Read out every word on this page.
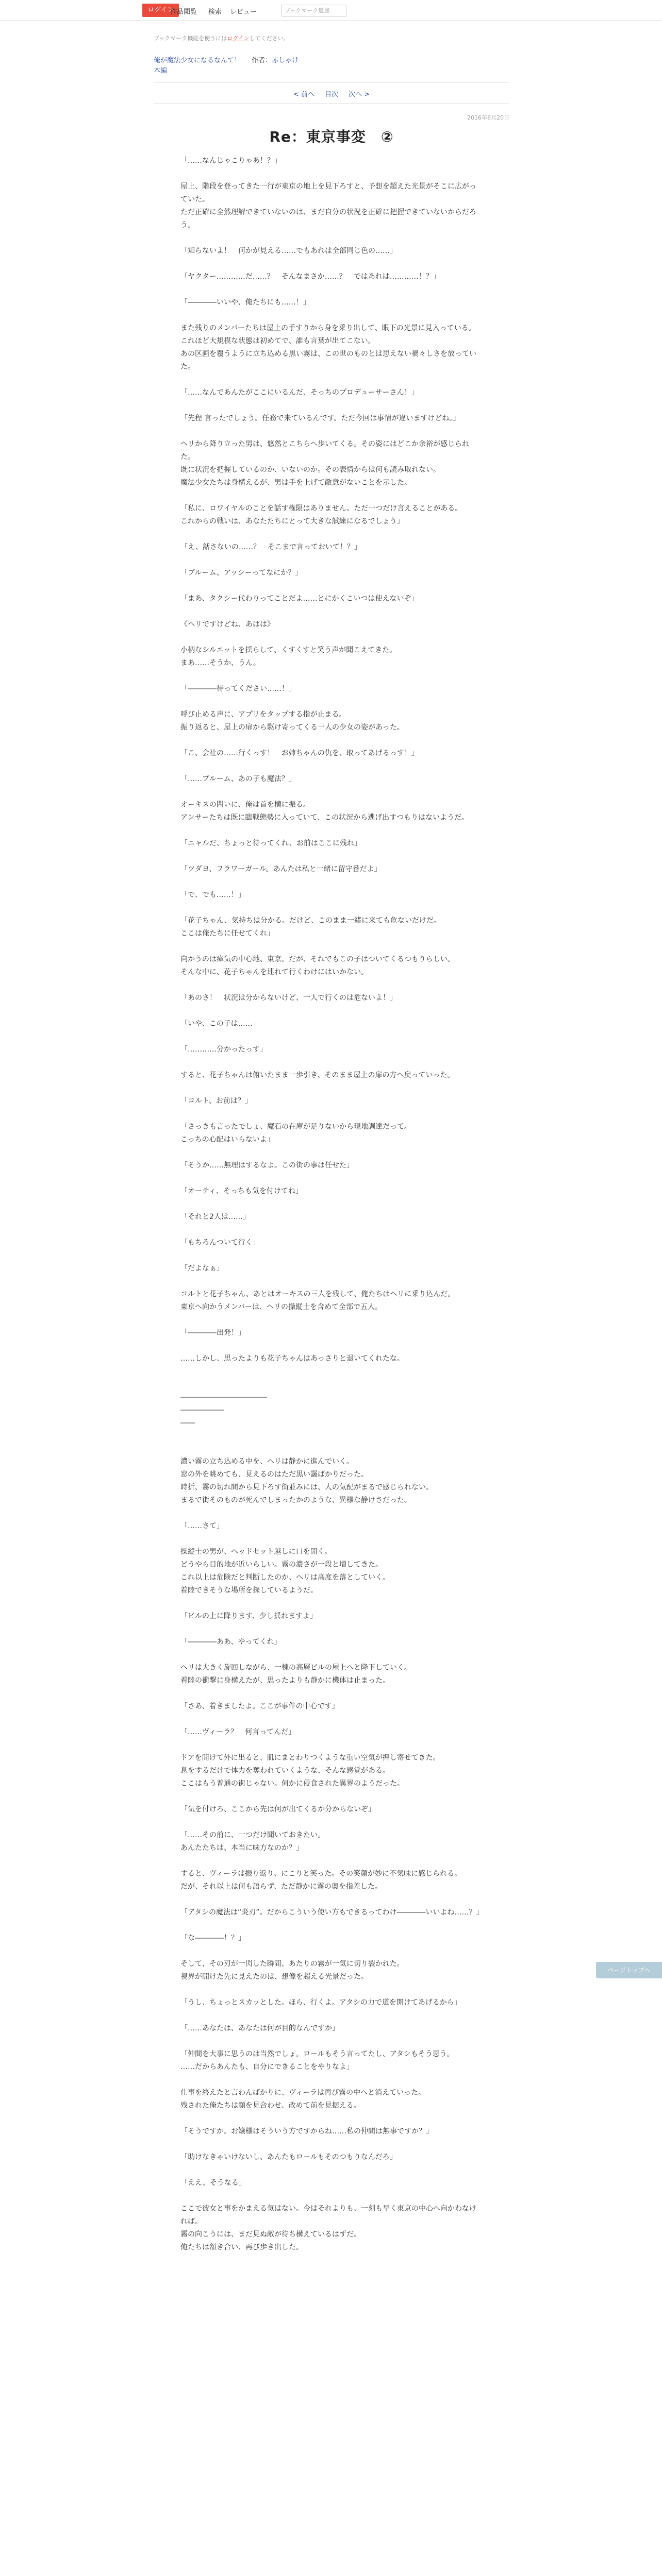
ログイン
作品閲覧 検索 レビュー	ブックマーク追加
ブックマーク機能を使うにはログインしてください。
俺が魔法少女になるなんて！ 作者：赤しゃけ
本編
< 前へ 目次 次へ >
2016年6月20日
Re：東京事変　②

「……なんじゃこりゃあ！？」

屋上、階段を登ってきた一行が東京の地上を見下ろすと、予想を超えた光景がそこに広がっていた。

ただ正確に全然理解できていないのは、まだ自分の状況を正確に把握できていないからだろう。

「知らないよ！　何かが見える……でもあれは全部同じ色の……」

「ヤクター…………だ……？　そんなまさか……？　ではあれは…………！？」

「――――いいや、俺たちにも……！」

また残りのメンバーたちは屋上の手すりから身を乗り出して、眼下の光景に見入っている。

これほど大規模な状態は初めてで、誰も言葉が出てこない。

あの区画を覆うように立ち込める黒い霧は、この世のものとは思えない禍々しさを放っていた。

「……なんであんたがここにいるんだ、そっちのプロデューサーさん！」

「先程 言ったでしょう。任務で来ているんです。ただ今回は事情が違いますけどね。」

ヘリから降り立った男は、悠然とこちらへ歩いてくる。その姿にはどこか余裕が感じられた。

既に状況を把握しているのか、いないのか。その表情からは何も読み取れない。

魔法少女たちは身構えるが、男は手を上げて敵意がないことを示した。

「私に、ロワイヤルのことを話す権限はありません。ただ一つだけ言えることがある。

これからの戦いは、あなたたちにとって大きな試練になるでしょう」

「え、話さないの……？　そこまで言っておいて！？」

「ブルーム、アッシーってなにか？」

「まあ、タクシー代わりってことだよ……とにかくこいつは使えないぞ」

《ヘリですけどね、あはは》

小柄なシルエットを揺らして、くすくすと笑う声が聞こえてきた。

まあ……そうか、うん。

「――――待ってください……！」

呼び止める声に、アプリをタップする指が止まる。

振り返ると、屋上の扉から駆け寄ってくる一人の少女の姿があった。

「こ、会社の……行くっす！　お姉ちゃんの仇を、取ってあげるっす！」

「……ブルーム、あの子も魔法？」

オーキスの問いに、俺は首を横に振る。

アンサーたちは既に臨戦態勢に入っていて、この状況から逃げ出すつもりはないようだ。

「ニャルだ、ちょっと待ってくれ、お前はここに残れ」

「ツダヨ、フラワーガール。あんたは私と一緒に留守番だよ」

「で、でも……！」

「花子ちゃん、気持ちは分かる。だけど、このまま一緒に来ても危ないだけだ。

ここは俺たちに任せてくれ」

向かうのは瘴気の中心地、東京。だが、それでもこの子はついてくるつもりらしい。

そんな中に、花子ちゃんを連れて行くわけにはいかない。

「あのさ！　状況は分からないけど、一人で行くのは危ないよ！」

「いや、この子は……」

「…………分かったっす」

すると、花子ちゃんは俯いたまま一歩引き、そのまま屋上の扉の方へ戻っていった。

「コルト、お前は？」

「さっきも言ったでしょ、魔石の在庫が足りないから現地調達だって。

こっちの心配はいらないよ」

「そうか……無理はするなよ。この街の事は任せた」

「オーティ、そっちも気を付けてね」

「それと2人は……」

「もちろんついて行く」

「だよなぁ」

コルトと花子ちゃん、あとはオーキスの三人を残して、俺たちはヘリに乗り込んだ。

東京へ向かうメンバーは、ヘリの操縦士を含めて全部で五人。

「――――出発！」

……しかし、思ったよりも花子ちゃんはあっさりと退いてくれたな。

――――――――――――

――――――

――

濃い霧の立ち込める中を、ヘリは静かに進んでいく。

窓の外を眺めても、見えるのはただ黒い靄ばかりだった。

時折、霧の切れ間から見下ろす街並みには、人の気配がまるで感じられない。

まるで街そのものが死んでしまったかのような、異様な静けさだった。

「……さて」

操縦士の男が、ヘッドセット越しに口を開く。

どうやら目的地が近いらしい。霧の濃さが一段と増してきた。

これ以上は危険だと判断したのか、ヘリは高度を落としていく。

着陸できそうな場所を探しているようだ。

「ビルの上に降ります、少し揺れますよ」

「――――ああ、やってくれ」

ヘリは大きく旋回しながら、一棟の高層ビルの屋上へと降下していく。

着陸の衝撃に身構えたが、思ったよりも静かに機体は止まった。

「さあ、着きましたよ。ここが事件の中心です」

「……ヴィーラ？　何言ってんだ」

ドアを開けて外に出ると、肌にまとわりつくような重い空気が押し寄せてきた。

息をするだけで体力を奪われていくような、そんな感覚がある。

ここはもう普通の街じゃない。何かに侵食された異界のようだった。

「気を付けろ、ここから先は何が出てくるか分からないぞ」

「……その前に、一つだけ聞いておきたい。

あんたたちは、本当に味方なのか？」

すると、ヴィーラは振り返り、にこりと笑った。その笑顔が妙に不気味に感じられる。

だが、それ以上は何も語らず、ただ静かに霧の奥を指差した。

「アタシの魔法は“炎刃”。だからこういう使い方もできるってわけ――――いいよね……？」

「な――――！？」

そして、その刃が一閃した瞬間、あたりの霧が一気に切り裂かれた。

視界が開けた先に見えたのは、想像を超える光景だった。

「うし、ちょっとスカッとした。ほら、行くよ。アタシの力で道を開けてあげるから」

「……あなたは、あなたは何が目的なんですか」

「仲間を大事に思うのは当然でしょ。ロールもそう言ってたし、アタシもそう思う。

……だからあんたも、自分にできることをやりなよ」

仕事を終えたと言わんばかりに、ヴィーラは再び霧の中へと消えていった。

残された俺たちは顔を見合わせ、改めて前を見据える。

「そうですか。お嬢様はそういう方ですからね……私の仲間は無事ですか？」

「助けなきゃいけないし、あんたもロールもそのつもりなんだろ」

「ええ、そうなる」

ここで彼女と事をかまえる気はない。今はそれよりも、一刻も早く東京の中心へ向かわなければ。

霧の向こうには、まだ見ぬ敵が待ち構えているはずだ。

俺たちは頷き合い、再び歩き出した。

ページトップへ
